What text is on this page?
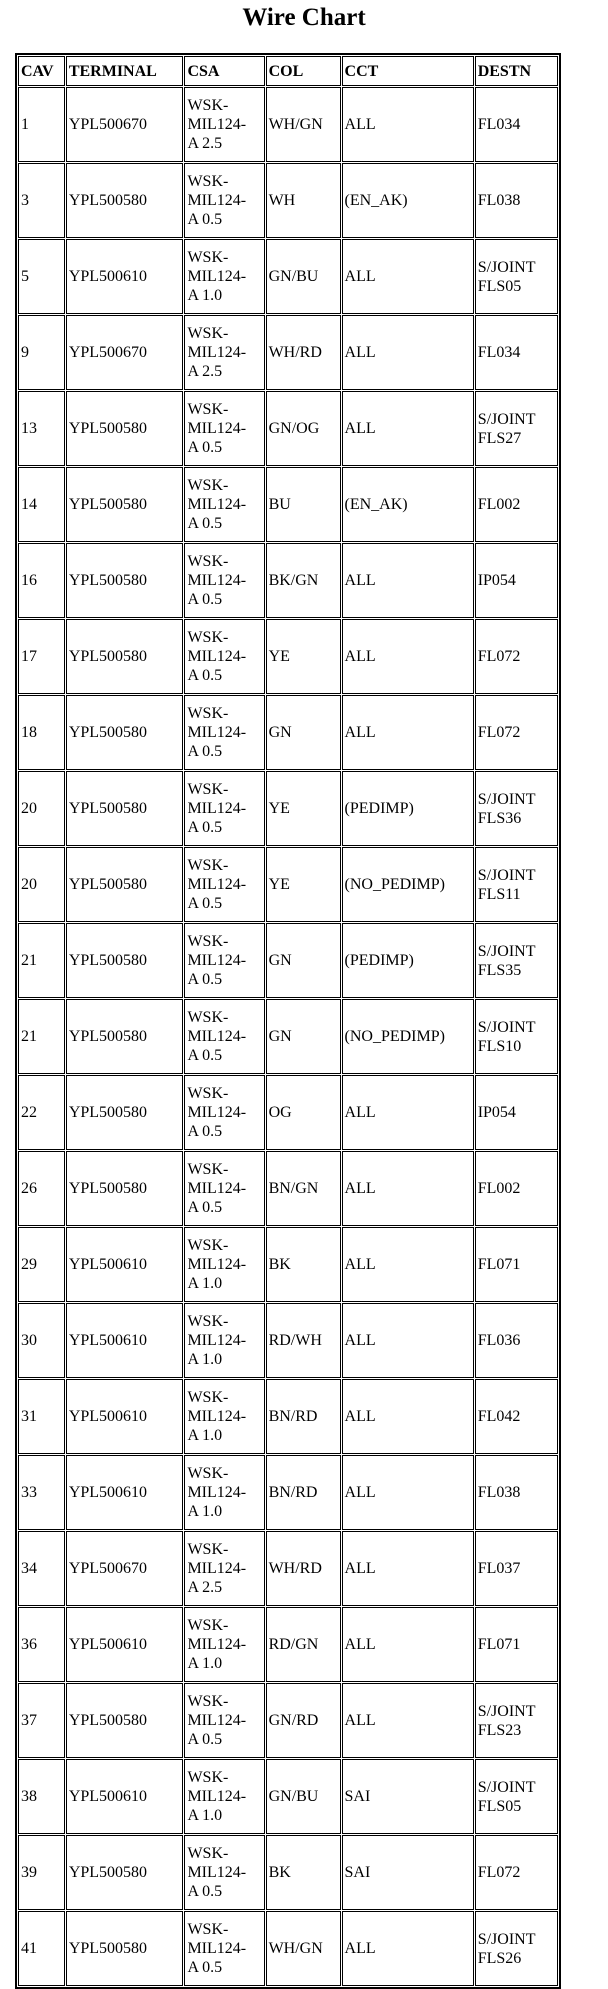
Wire Chart
CAV	TERMINAL	CSA	COL	CCT	DESTN
1	YPL500670	WSK-
MIL124-
A 2.5	WH/GN	ALL	FL034
3	YPL500580	WSK-
MIL124-
A 0.5	WH	(EN_AK)	FL038
5	YPL500610	WSK-
MIL124-
A 1.0	GN/BU	ALL	S/JOINT
FLS05
9	YPL500670	WSK-
MIL124-
A 2.5	WH/RD	ALL	FL034
13	YPL500580	WSK-
MIL124-
A 0.5	GN/OG	ALL	S/JOINT
FLS27
14	YPL500580	WSK-
MIL124-
A 0.5	BU	(EN_AK)	FL002
16	YPL500580	WSK-
MIL124-
A 0.5	BK/GN	ALL	IP054
17	YPL500580	WSK-
MIL124-
A 0.5	YE	ALL	FL072
18	YPL500580	WSK-
MIL124-
A 0.5	GN	ALL	FL072
20	YPL500580	WSK-
MIL124-
A 0.5	YE	(PEDIMP)	S/JOINT
FLS36
20	YPL500580	WSK-
MIL124-
A 0.5	YE	(NO_PEDIMP)	S/JOINT
FLS11
21	YPL500580	WSK-
MIL124-
A 0.5	GN	(PEDIMP)	S/JOINT
FLS35
21	YPL500580	WSK-
MIL124-
A 0.5	GN	(NO_PEDIMP)	S/JOINT
FLS10
22	YPL500580	WSK-
MIL124-
A 0.5	OG	ALL	IP054
26	YPL500580	WSK-
MIL124-
A 0.5	BN/GN	ALL	FL002
29	YPL500610	WSK-
MIL124-
A 1.0	BK	ALL	FL071
30	YPL500610	WSK-
MIL124-
A 1.0	RD/WH	ALL	FL036
31	YPL500610	WSK-
MIL124-
A 1.0	BN/RD	ALL	FL042
33	YPL500610	WSK-
MIL124-
A 1.0	BN/RD	ALL	FL038
34	YPL500670	WSK-
MIL124-
A 2.5	WH/RD	ALL	FL037
36	YPL500610	WSK-
MIL124-
A 1.0	RD/GN	ALL	FL071
37	YPL500580	WSK-
MIL124-
A 0.5	GN/RD	ALL	S/JOINT
FLS23
38	YPL500610	WSK-
MIL124-
A 1.0	GN/BU	SAI	S/JOINT
FLS05
39	YPL500580	WSK-
MIL124-
A 0.5	BK	SAI	FL072
41	YPL500580	WSK-
MIL124-
A 0.5	WH/GN	ALL	S/JOINT
FLS26
